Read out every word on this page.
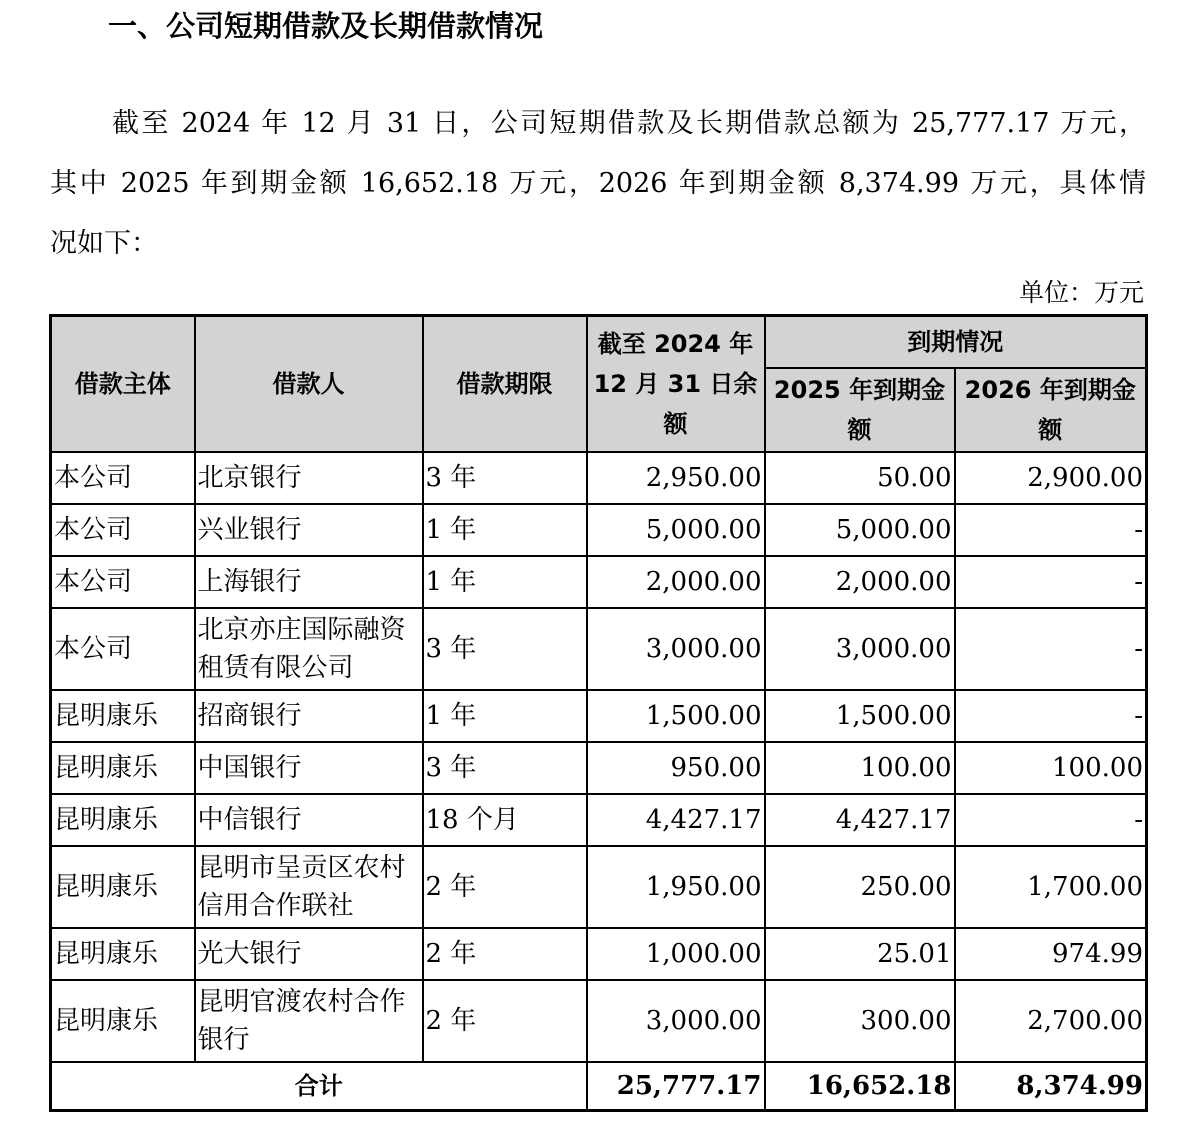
一、公司短期借款及长期借款情况

截至 2024 年 12 月 31 日，公司短期借款及长期借款总额为 25,777.17 万元，
其中 2025 年到期金额 16,652.18 万元，2026 年到期金额 8,374.99 万元，具体情
况如下：

单位：万元
借款主体	借款人	借款期限	截至 2024 年 12 月 31 日余额	到期情况	
				2025 年到期金额	2026 年到期金额
本公司	北京银行	3 年	2,950.00	50.00	2,900.00
本公司	兴业银行	1 年	5,000.00	5,000.00	-
本公司	上海银行	1 年	2,000.00	2,000.00	-
本公司	北京亦庄国际融资租赁有限公司	3 年	3,000.00	3,000.00	-
昆明康乐	招商银行	1 年	1,500.00	1,500.00	-
昆明康乐	中国银行	3 年	950.00	100.00	100.00
昆明康乐	中信银行	18 个月	4,427.17	4,427.17	-
昆明康乐	昆明市呈贡区农村信用合作联社	2 年	1,950.00	250.00	1,700.00
昆明康乐	光大银行	2 年	1,000.00	25.01	974.99
昆明康乐	昆明官渡农村合作银行	2 年	3,000.00	300.00	2,700.00
合计			25,777.17	16,652.18	8,374.99
